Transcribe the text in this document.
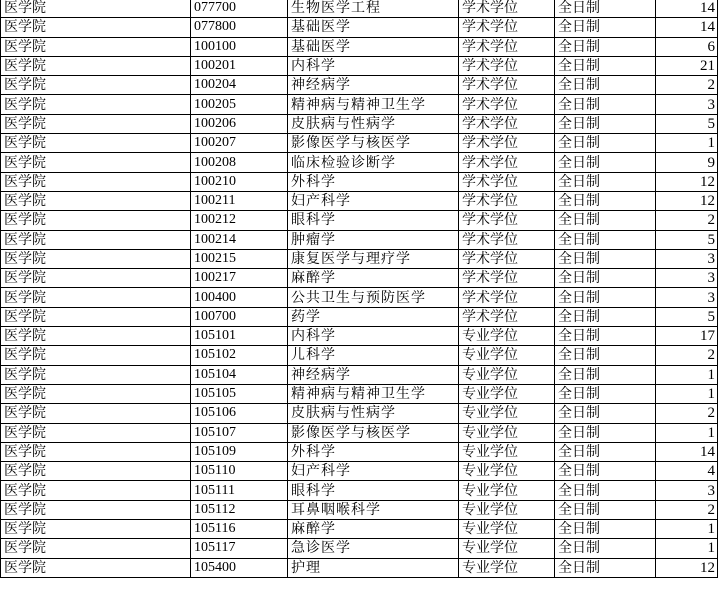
医学院	077700	生物医学工程	学术学位	全日制	14
医学院	077800	基础医学	学术学位	全日制	14
医学院	100100	基础医学	学术学位	全日制	6
医学院	100201	内科学	学术学位	全日制	21
医学院	100204	神经病学	学术学位	全日制	2
医学院	100205	精神病与精神卫生学	学术学位	全日制	3
医学院	100206	皮肤病与性病学	学术学位	全日制	5
医学院	100207	影像医学与核医学	学术学位	全日制	1
医学院	100208	临床检验诊断学	学术学位	全日制	9
医学院	100210	外科学	学术学位	全日制	12
医学院	100211	妇产科学	学术学位	全日制	12
医学院	100212	眼科学	学术学位	全日制	2
医学院	100214	肿瘤学	学术学位	全日制	5
医学院	100215	康复医学与理疗学	学术学位	全日制	3
医学院	100217	麻醉学	学术学位	全日制	3
医学院	100400	公共卫生与预防医学	学术学位	全日制	3
医学院	100700	药学	学术学位	全日制	5
医学院	105101	内科学	专业学位	全日制	17
医学院	105102	儿科学	专业学位	全日制	2
医学院	105104	神经病学	专业学位	全日制	1
医学院	105105	精神病与精神卫生学	专业学位	全日制	1
医学院	105106	皮肤病与性病学	专业学位	全日制	2
医学院	105107	影像医学与核医学	专业学位	全日制	1
医学院	105109	外科学	专业学位	全日制	14
医学院	105110	妇产科学	专业学位	全日制	4
医学院	105111	眼科学	专业学位	全日制	3
医学院	105112	耳鼻咽喉科学	专业学位	全日制	2
医学院	105116	麻醉学	专业学位	全日制	1
医学院	105117	急诊医学	专业学位	全日制	1
医学院	105400	护理	专业学位	全日制	12
